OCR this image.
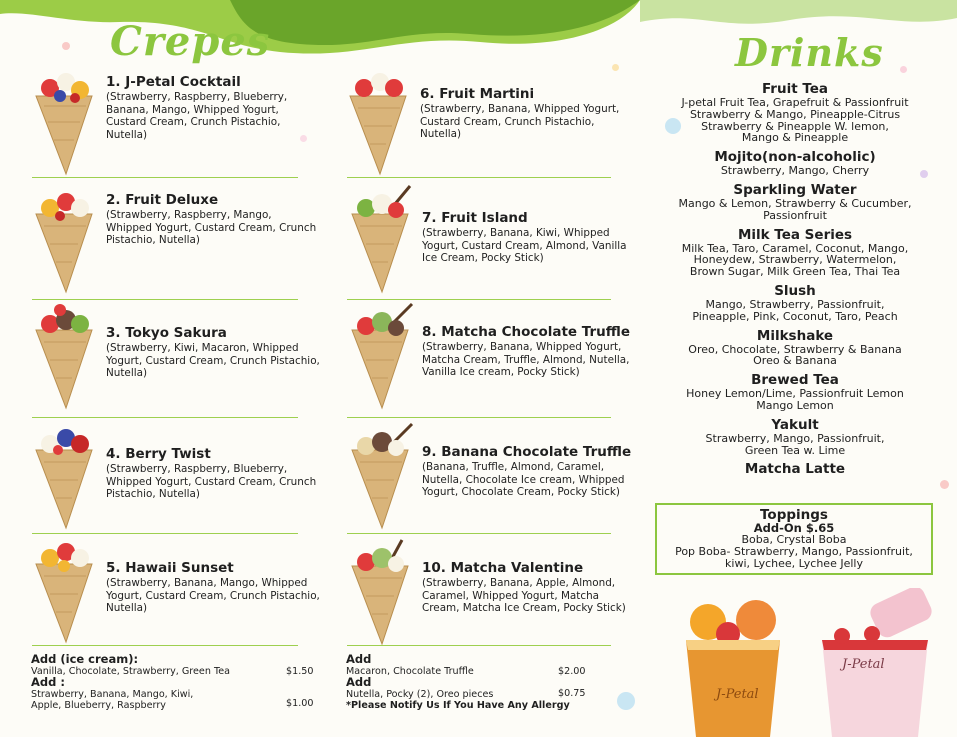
Crepes	Drinks
1. J-Petal Cocktail
(Strawberry, Raspberry, Blueberry, Banana, Mango, Whipped Yogurt, Custard Cream, Crunch Pistachio, Nutella)
2. Fruit Deluxe
(Strawberry, Raspberry, Mango, Whipped Yogurt, Custard Cream, Crunch Pistachio, Nutella)
3. Tokyo Sakura
(Strawberry, Kiwi, Macaron, Whipped Yogurt, Custard Cream, Crunch Pistachio, Nutella)
4. Berry Twist
(Strawberry, Raspberry, Blueberry, Whipped Yogurt, Custard Cream, Crunch Pistachio, Nutella)
5. Hawaii Sunset
(Strawberry, Banana, Mango, Whipped Yogurt, Custard Cream, Crunch Pistachio, Nutella)
6. Fruit Martini
(Strawberry, Banana, Whipped Yogurt, Custard Cream, Crunch Pistachio, Nutella)
7. Fruit Island
(Strawberry, Banana, Kiwi, Whipped Yogurt, Custard Cream, Almond, Vanilla Ice Cream, Pocky Stick)
8. Matcha Chocolate Truffle
(Strawberry, Banana, Whipped Yogurt, Matcha Cream, Truffle, Almond, Nutella, Vanilla Ice cream, Pocky Stick)
9. Banana Chocolate Truffle
(Banana, Truffle, Almond, Caramel, Nutella, Chocolate Ice cream, Whipped Yogurt, Chocolate Cream, Pocky Stick)
10. Matcha Valentine
(Strawberry, Banana, Apple, Almond, Caramel, Whipped Yogurt, Matcha Cream, Matcha Ice Cream, Pocky Stick)
Add (ice cream):
Vanilla, Chocolate, Strawberry, Green Tea
Add :
Strawberry, Banana, Mango, Kiwi,
Apple, Blueberry, Raspberry
$1.50
$1.00
Add
Macaron, Chocolate Truffle
Add
Nutella, Pocky (2), Oreo pieces
*Please Notify Us If You Have Any Allergy
$2.00
$0.75
Fruit Tea
J-petal Fruit Tea, Grapefruit & Passionfruit
Strawberry & Mango, Pineapple-Citrus
Strawberry & Pineapple W. lemon,
Mango & Pineapple
Mojito(non-alcoholic)
Strawberry, Mango, Cherry
Sparkling Water
Mango & Lemon, Strawberry & Cucumber,
Passionfruit
Milk Tea Series
Milk Tea, Taro, Caramel, Coconut, Mango,
Honeydew, Strawberry, Watermelon,
Brown Sugar, Milk Green Tea, Thai Tea
Slush
Mango, Strawberry, Passionfruit,
Pineapple, Pink, Coconut, Taro, Peach
Milkshake
Oreo, Chocolate, Strawberry & Banana
Oreo & Banana
Brewed Tea
Honey Lemon/Lime, Passionfruit Lemon
Mango Lemon
Yakult
Strawberry, Mango, Passionfruit,
Green Tea w. Lime
Matcha Latte
Toppings
Add-On $.65
Boba, Crystal Boba
Pop Boba- Strawberry, Mango, Passionfruit,
kiwi, Lychee, Lychee Jelly
J-Petal
J-Petal
